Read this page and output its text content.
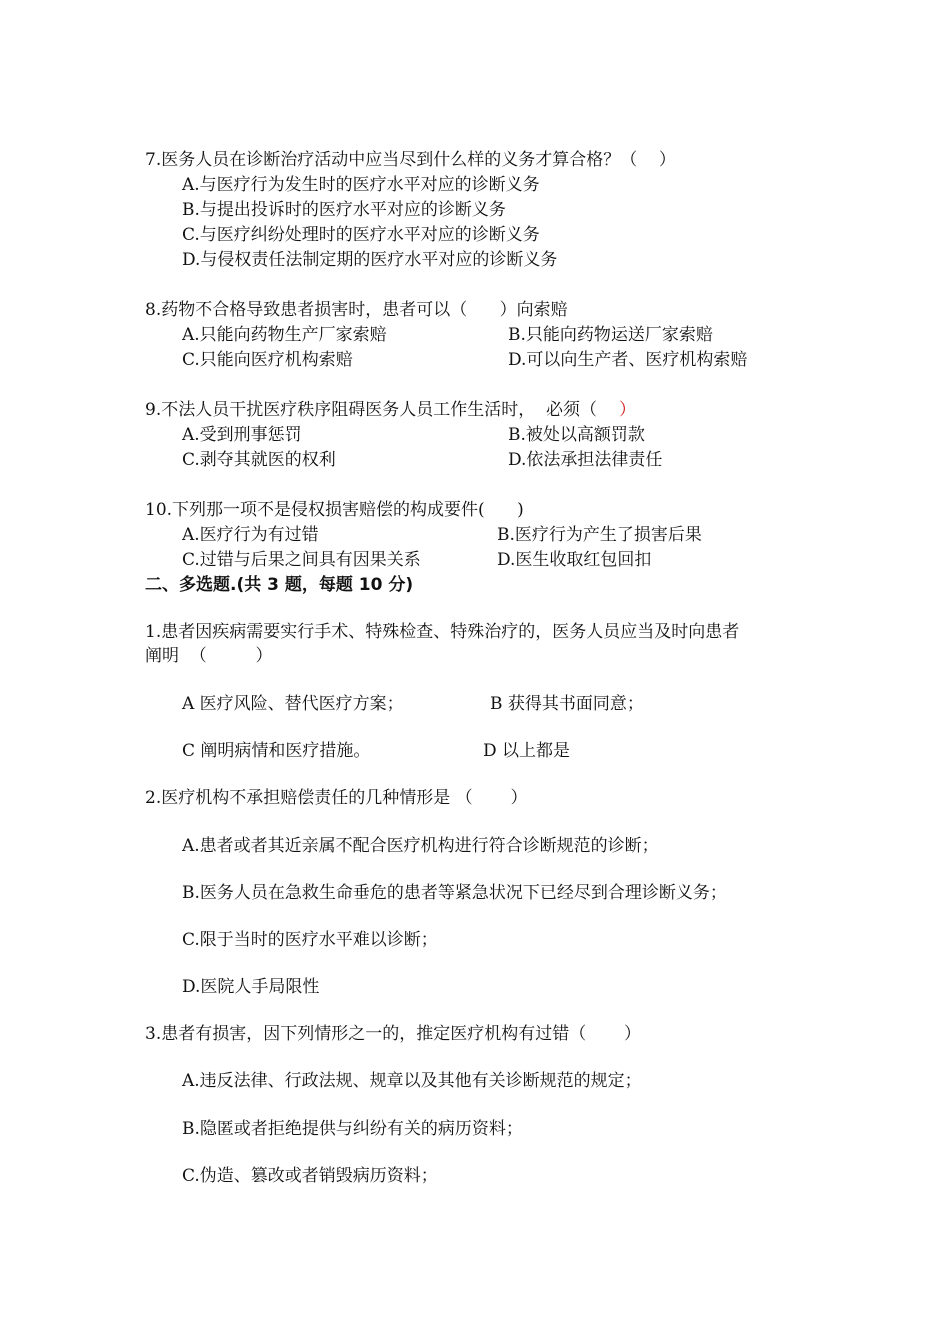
7.医务人员在诊断治疗活动中应当尽到什么样的义务才算合格？（    ）
A.与医疗行为发生时的医疗水平对应的诊断义务
B.与提出投诉时的医疗水平对应的诊断义务
C.与医疗纠纷处理时的医疗水平对应的诊断义务
D.与侵权责任法制定期的医疗水平对应的诊断义务
8.药物不合格导致患者损害时，患者可以（      ）向索赔
A.只能向药物生产厂家索赔	B.只能向药物运送厂家索赔
C.只能向医疗机构索赔	D.可以向生产者、医疗机构索赔
9.不法人员干扰医疗秩序阻碍医务人员工作生活时，  必须（ ）
A.受到刑事惩罚	B.被处以高额罚款
C.剥夺其就医的权利	D.依法承担法律责任
10.下列那一项不是侵权损害赔偿的构成要件(      )
A.医疗行为有过错	B.医疗行为产生了损害后果
C.过错与后果之间具有因果关系	D.医生收取红包回扣
二、多选题.(共 3 题，每题 10 分)
1.患者因疾病需要实行手术、特殊检查、特殊治疗的，医务人员应当及时向患者
阐明  （         ）
A 医疗风险、替代医疗方案；	B 获得其书面同意；
C 阐明病情和医疗措施。	D 以上都是
2.医疗机构不承担赔偿责任的几种情形是 （       ）
A.患者或者其近亲属不配合医疗机构进行符合诊断规范的诊断；
B.医务人员在急救生命垂危的患者等紧急状况下已经尽到合理诊断义务；
C.限于当时的医疗水平难以诊断；
D.医院人手局限性
3.患者有损害，因下列情形之一的，推定医疗机构有过错（       ）
A.违反法律、行政法规、规章以及其他有关诊断规范的规定；
B.隐匿或者拒绝提供与纠纷有关的病历资料；
C.伪造、篡改或者销毁病历资料；
